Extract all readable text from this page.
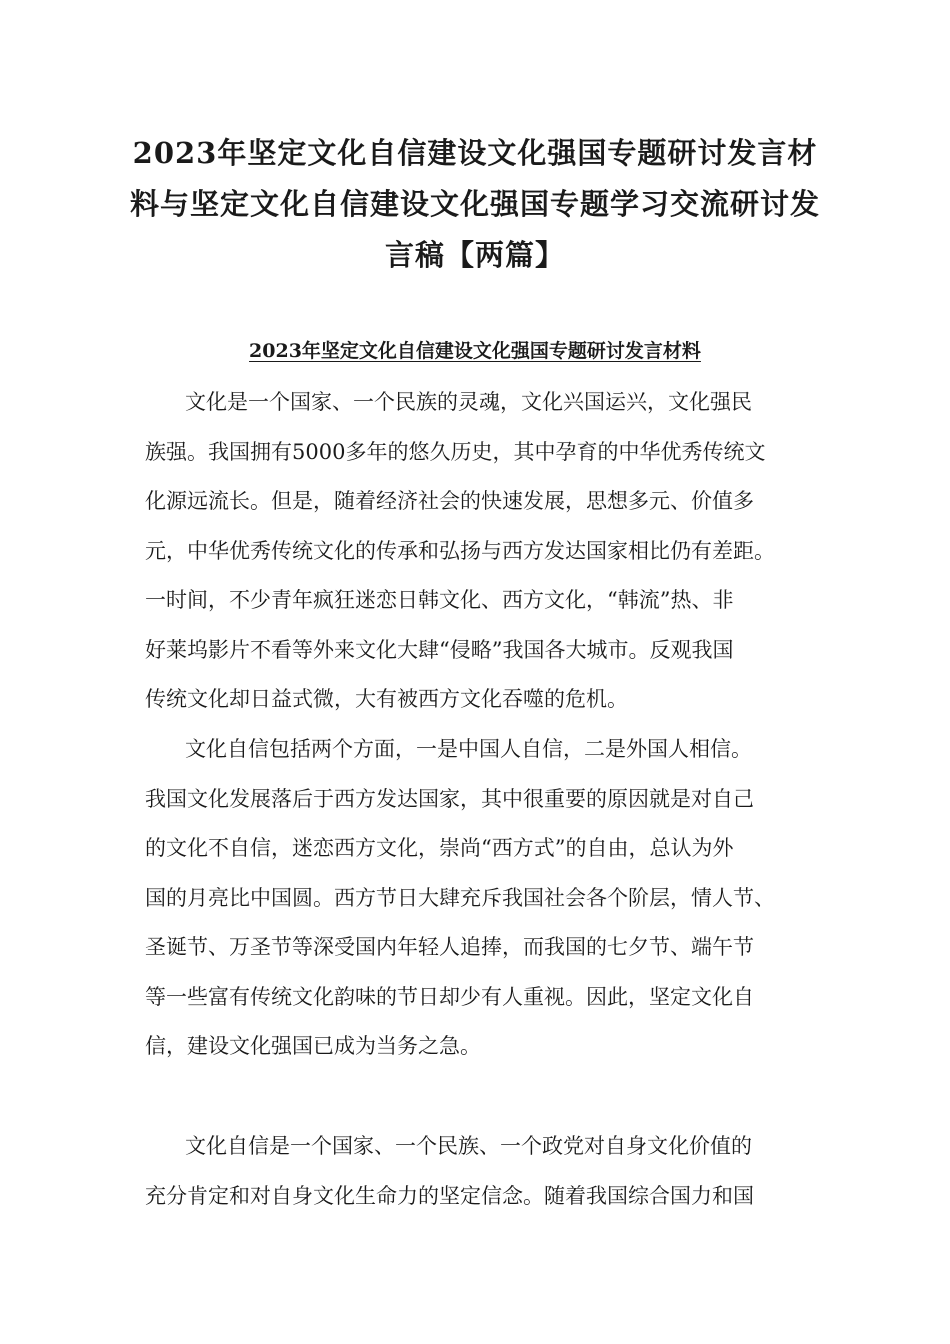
2023年坚定文化自信建设文化强国专题研讨发言材
料与坚定文化自信建设文化强国专题学习交流研讨发
言稿【两篇】
2023年坚定文化自信建设文化强国专题研讨发言材料

文化是一个国家、一个民族的灵魂，文化兴国运兴，文化强民
族强。我国拥有5000多年的悠久历史，其中孕育的中华优秀传统文
化源远流长。但是，随着经济社会的快速发展，思想多元、价值多
元，中华优秀传统文化的传承和弘扬与西方发达国家相比仍有差距。
一时间，不少青年疯狂迷恋日韩文化、西方文化，“韩流”热、非
好莱坞影片不看等外来文化大肆“侵略”我国各大城市。反观我国
传统文化却日益式微，大有被西方文化吞噬的危机。

文化自信包括两个方面，一是中国人自信，二是外国人相信。
我国文化发展落后于西方发达国家，其中很重要的原因就是对自己
的文化不自信，迷恋西方文化，崇尚“西方式”的自由，总认为外
国的月亮比中国圆。西方节日大肆充斥我国社会各个阶层，情人节、
圣诞节、万圣节等深受国内年轻人追捧，而我国的七夕节、端午节
等一些富有传统文化韵味的节日却少有人重视。因此，坚定文化自
信，建设文化强国已成为当务之急。

文化自信是一个国家、一个民族、一个政党对自身文化价值的
充分肯定和对自身文化生命力的坚定信念。随着我国综合国力和国
